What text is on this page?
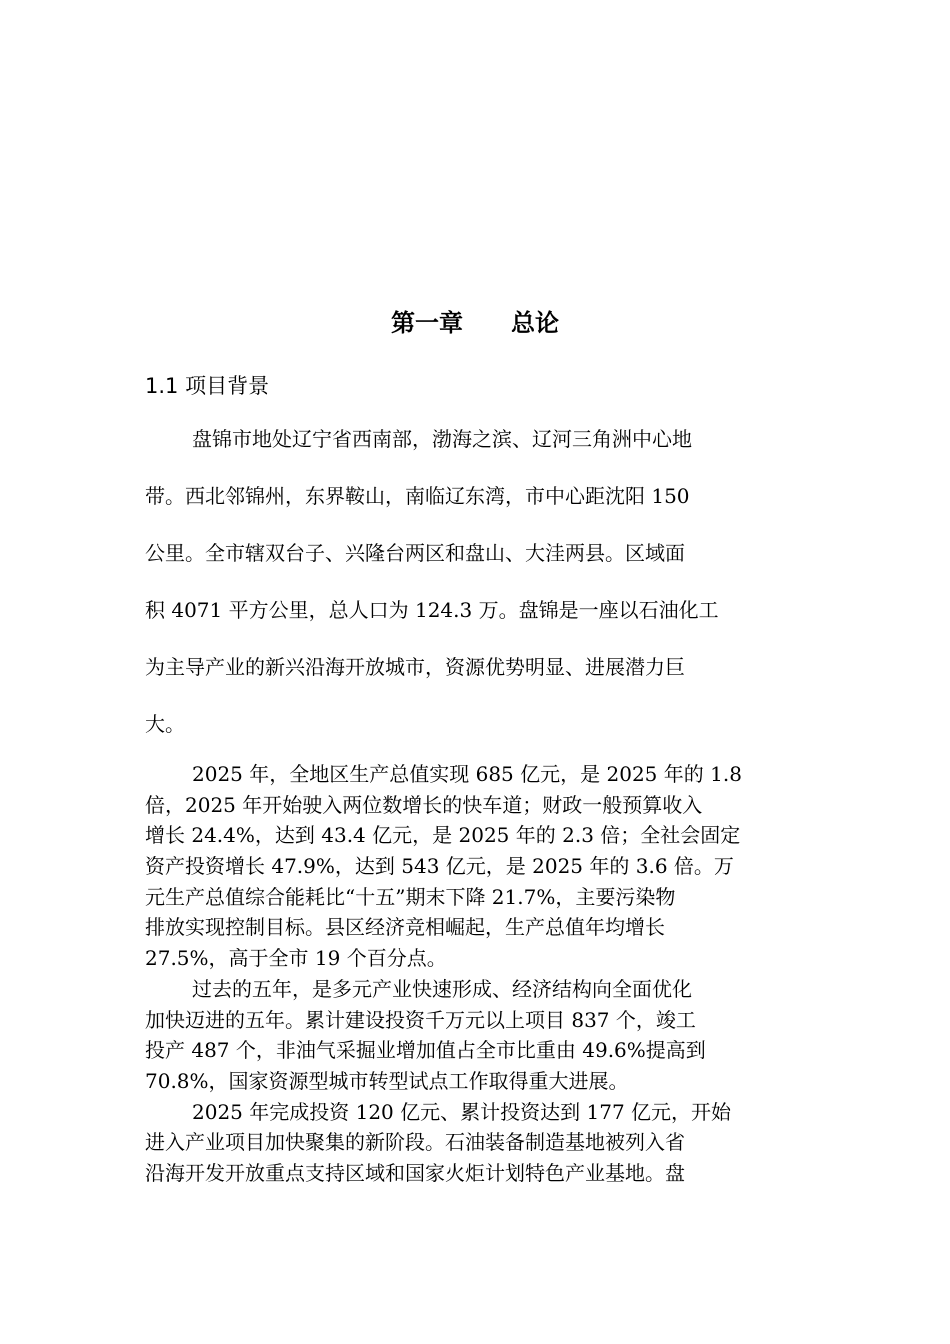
第一章　　总论
1.1 项目背景
盘锦市地处辽宁省西南部，渤海之滨、辽河三角洲中心地
带。西北邻锦州，东界鞍山，南临辽东湾，市中心距沈阳 150
公里。全市辖双台子、兴隆台两区和盘山、大洼两县。区域面
积 4071 平方公里，总人口为 124.3 万。盘锦是一座以石油化工
为主导产业的新兴沿海开放城市，资源优势明显、进展潜力巨
大。
2025 年，全地区生产总值实现 685 亿元，是 2025 年的 1.8
倍，2025 年开始驶入两位数增长的快车道；财政一般预算收入
增长 24.4%，达到 43.4 亿元，是 2025 年的 2.3 倍；全社会固定
资产投资增长 47.9%，达到 543 亿元，是 2025 年的 3.6 倍。万
元生产总值综合能耗比“十五”期末下降 21.7%，主要污染物
排放实现控制目标。县区经济竞相崛起，生产总值年均增长
27.5%，高于全市 19 个百分点。
过去的五年，是多元产业快速形成、经济结构向全面优化
加快迈进的五年。累计建设投资千万元以上项目 837 个，竣工
投产 487 个，非油气采掘业增加值占全市比重由 49.6%提高到
70.8%，国家资源型城市转型试点工作取得重大进展。
2025 年完成投资 120 亿元、累计投资达到 177 亿元，开始
进入产业项目加快聚集的新阶段。石油装备制造基地被列入省
沿海开发开放重点支持区域和国家火炬计划特色产业基地。盘
